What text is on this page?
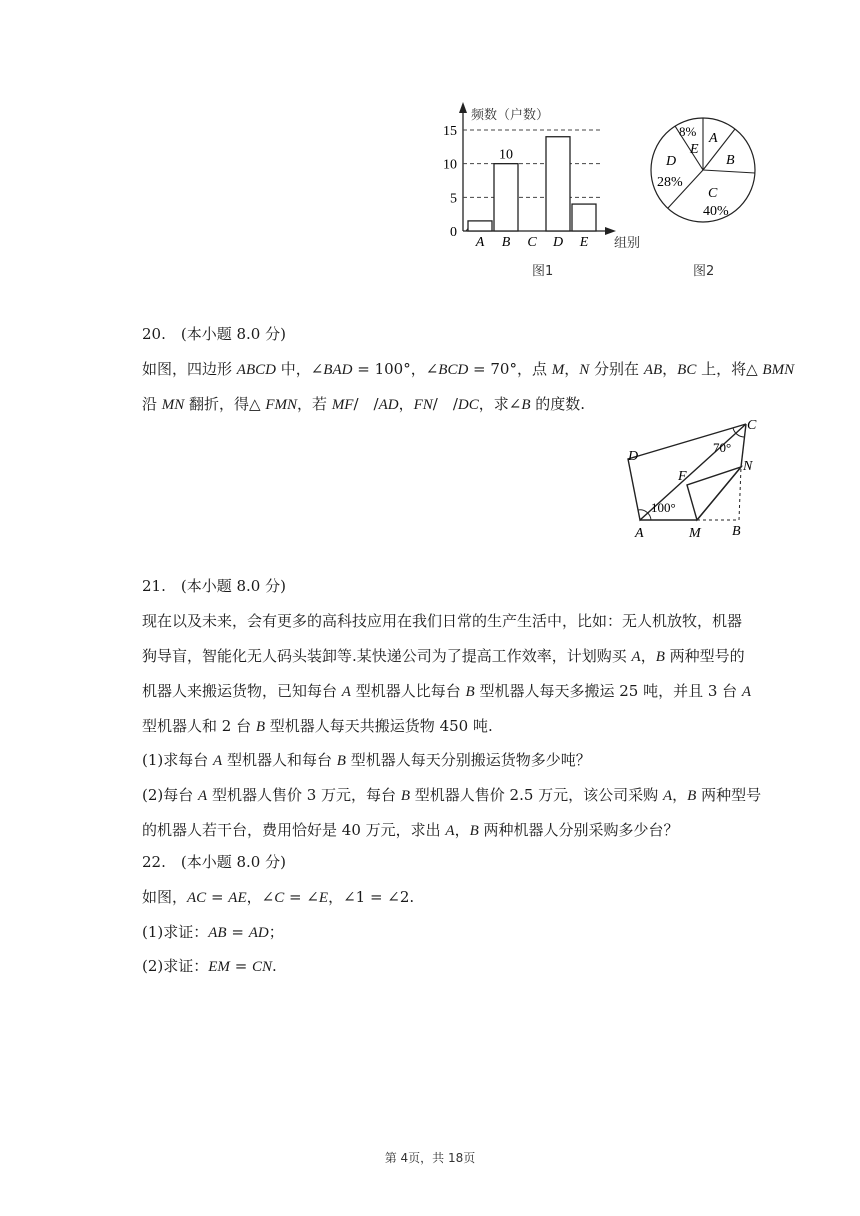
频数（户数）
组别
10
0
5
10
15
A B C D E
图1
A
B
C
40%
D
28%
E
8%
图2
20.　(本小题 8.0 分)
如图，四边形 ABCD 中，∠BAD = 100°，∠BCD = 70°，点 M，N 分别在 AB，BC 上，将△ BMN
沿 MN 翻折，得△ FMN，若 MF/　/AD，FN/　/DC，求∠B 的度数.
D
C
N
F
A	M B
70°
100°
21.　(本小题 8.0 分)
现在以及未来，会有更多的高科技应用在我们日常的生产生活中，比如：无人机放牧，机器
狗导盲，智能化无人码头装卸等.某快递公司为了提高工作效率，计划购买 A，B 两种型号的
机器人来搬运货物，已知每台 A 型机器人比每台 B 型机器人每天多搬运 25 吨，并且 3 台 A
型机器人和 2 台 B 型机器人每天共搬运货物 450 吨.
(1)求每台 A 型机器人和每台 B 型机器人每天分别搬运货物多少吨？
(2)每台 A 型机器人售价 3 万元，每台 B 型机器人售价 2.5 万元，该公司采购 A，B 两种型号
的机器人若干台，费用恰好是 40 万元，求出 A，B 两种机器人分别采购多少台？
22.　(本小题 8.0 分)
如图，AC = AE，∠C = ∠E，∠1 = ∠2.
(1)求证：AB = AD；
(2)求证：EM = CN.
第 4页，共 18页
